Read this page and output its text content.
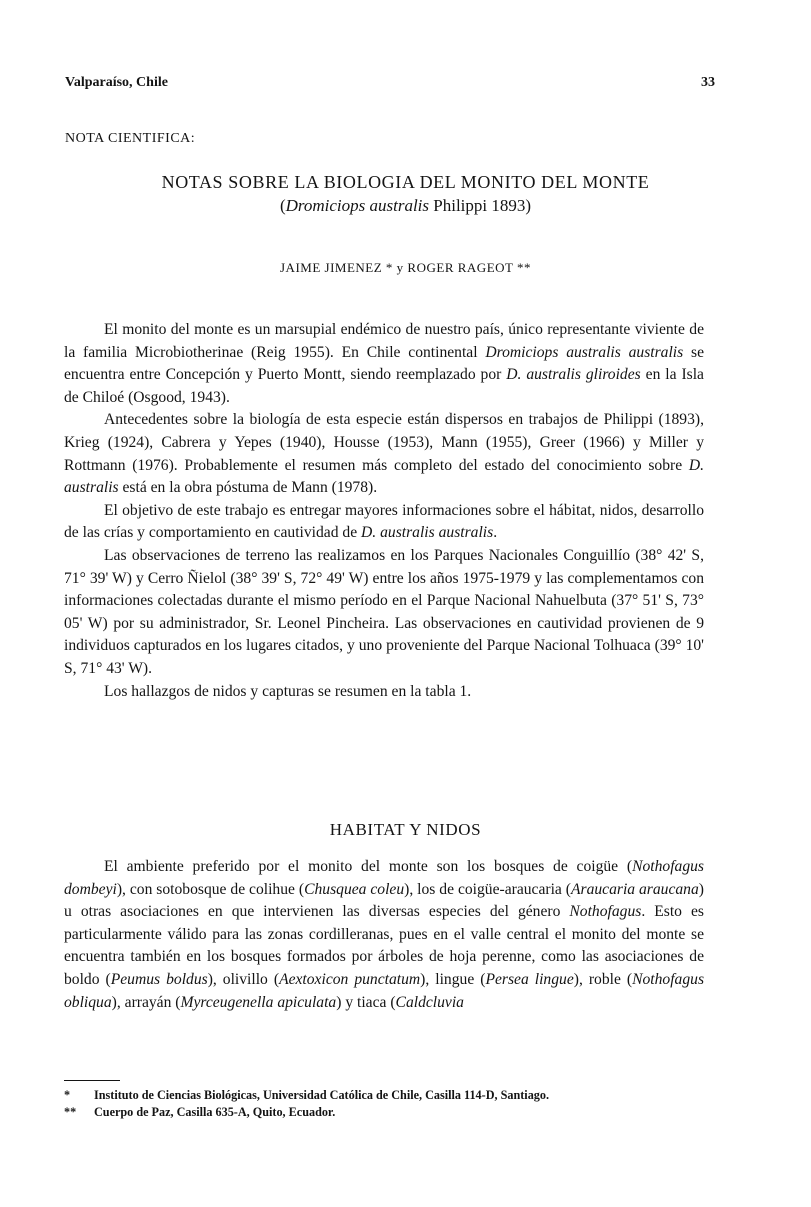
Valparaíso, Chile	33
NOTA CIENTIFICA:
NOTAS SOBRE LA BIOLOGIA DEL MONITO DEL MONTE
(Dromiciops australis Philippi 1893)
JAIME JIMENEZ * y ROGER RAGEOT **

El monito del monte es un marsupial endémico de nuestro país, único representante viviente de la familia Microbiotherinae (Reig 1955). En Chile continental Dromiciops australis australis se encuentra entre Concepción y Puerto Montt, siendo reemplazado por D. australis gliroides en la Isla de Chiloé (Osgood, 1943).

Antecedentes sobre la biología de esta especie están dispersos en trabajos de Philippi (1893), Krieg (1924), Cabrera y Yepes (1940), Housse (1953), Mann (1955), Greer (1966) y Miller y Rottmann (1976). Probablemente el resumen más completo del estado del conocimiento sobre D. australis está en la obra póstuma de Mann (1978).

El objetivo de este trabajo es entregar mayores informaciones sobre el hábitat, nidos, desarrollo de las crías y comportamiento en cautividad de D. australis australis.

Las observaciones de terreno las realizamos en los Parques Nacionales Conguillío (38° 42' S, 71° 39' W) y Cerro Ñielol (38° 39' S, 72° 49' W) entre los años 1975-1979 y las complementamos con informaciones colectadas durante el mismo período en el Parque Nacional Nahuelbuta (37° 51' S, 73° 05' W) por su administrador, Sr. Leonel Pincheira. Las observaciones en cautividad provienen de 9 individuos capturados en los lugares citados, y uno proveniente del Parque Nacional Tolhuaca (39° 10' S, 71° 43' W).

Los hallazgos de nidos y capturas se resumen en la tabla 1.

HABITAT Y NIDOS

El ambiente preferido por el monito del monte son los bosques de coigüe (Nothofagus dombeyi), con sotobosque de colihue (Chusquea coleu), los de coigüe-araucaria (Araucaria araucana) u otras asociaciones en que intervienen las diversas especies del género Nothofagus. Esto es particularmente válido para las zonas cordilleranas, pues en el valle central el monito del monte se encuentra también en los bosques formados por árboles de hoja perenne, como las asociaciones de boldo (Peumus boldus), olivillo (Aextoxicon punctatum), lingue (Persea lingue), roble (Nothofagus obliqua), arrayán (Myrceugenella apiculata) y tiaca (Caldcluvia

*	Instituto de Ciencias Biológicas, Universidad Católica de Chile, Casilla 114-D, Santiago.
**	Cuerpo de Paz, Casilla 635-A, Quito, Ecuador.
